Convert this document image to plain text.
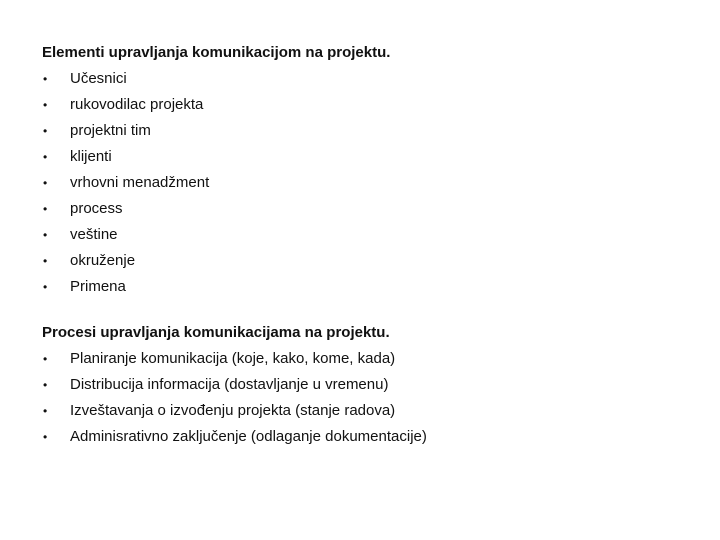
Elementi upravljanja komunikacijom na projektu.
•	Učesnici
•	rukovodilac projekta
•	projektni tim
•	klijenti
•	vrhovni menadžment
•	process
•	veštine
•	okruženje
•	Primena
Procesi upravljanja komunikacijama na projektu.
•	Planiranje komunikacija (koje, kako, kome, kada)
•	Distribucija informacija (dostavljanje u vremenu)
•	Izveštavanja o izvođenju projekta (stanje radova)
•	Adminisrativno zaključenje (odlaganje dokumentacije)
